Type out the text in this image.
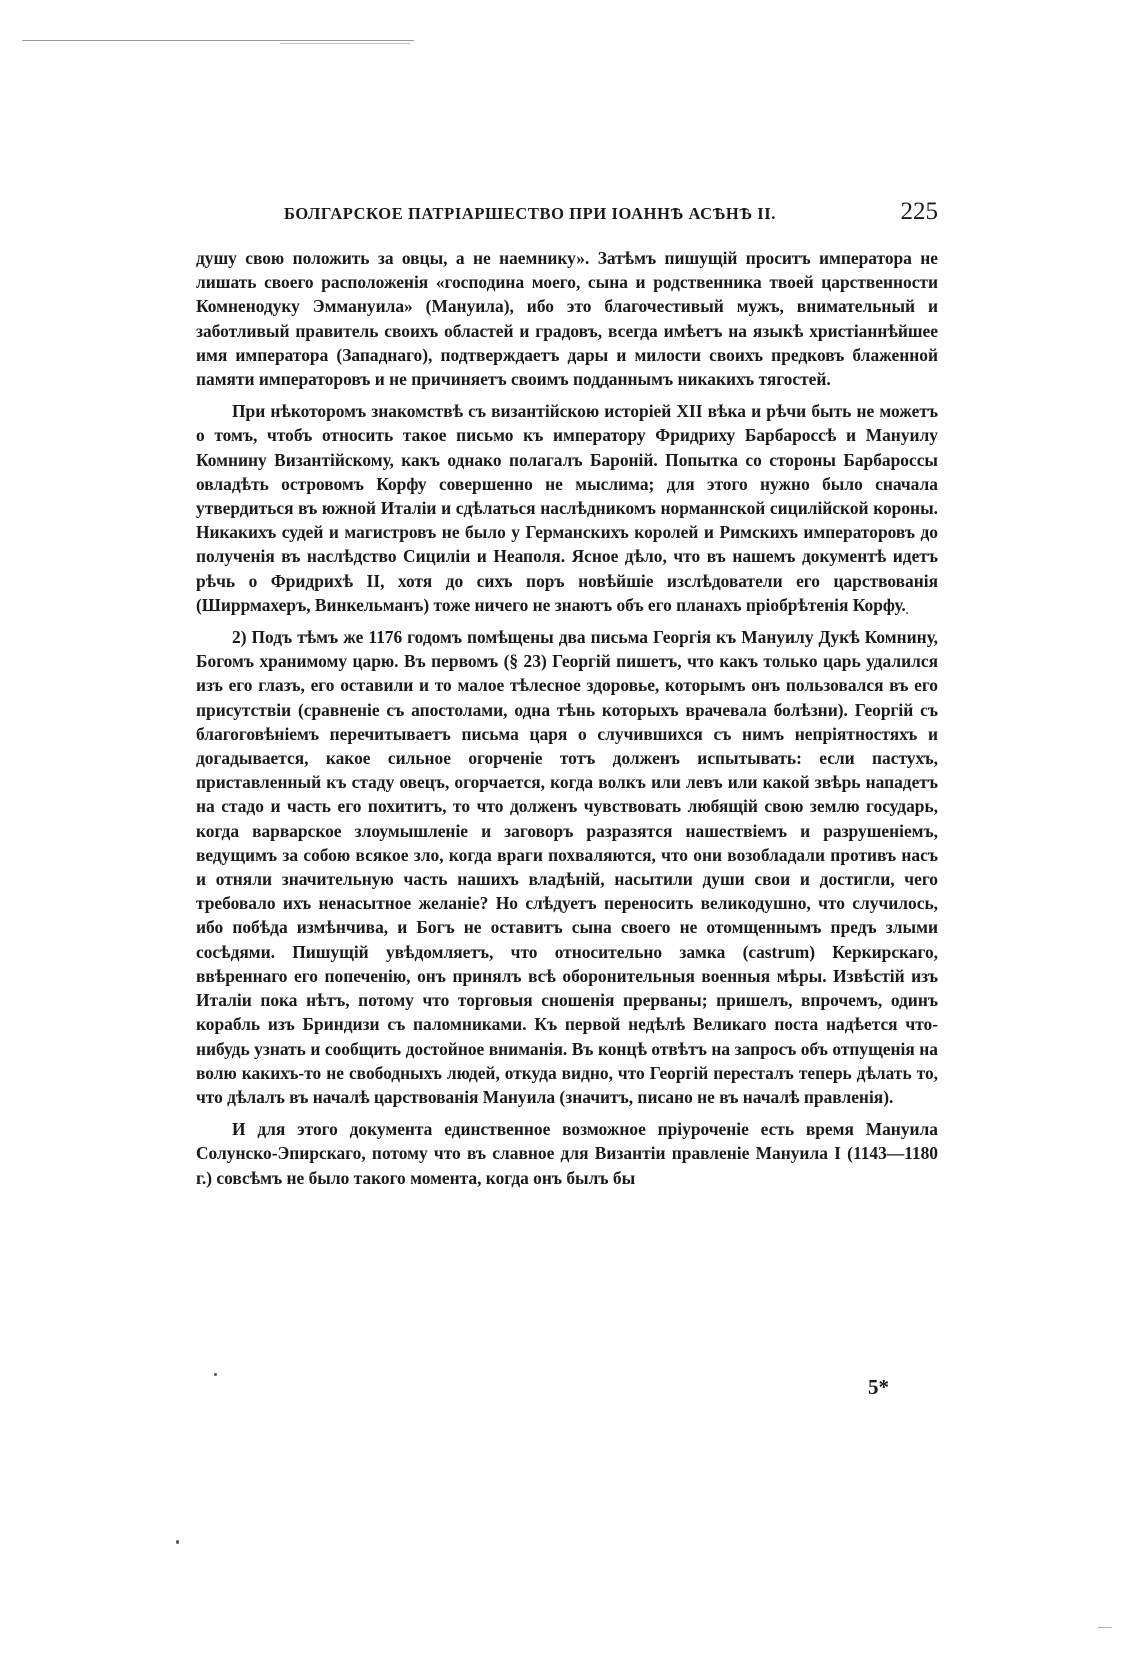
БОЛГАРСКОЕ ПАТРІАРШЕСТВО ПРИ ІОАННѢ АСѢНѢ II.	225

душу свою положить за овцы, а не наемнику». Затѣмъ пишущій проситъ императора не лишать своего расположенія «господина моего, сына и родственника твоей царственности Комненодуку Эммануила» (Мануила), ибо это благочестивый мужъ, внимательный и заботливый правитель своихъ областей и градовъ, всегда имѣетъ на языкѣ христіаннѣйшее имя императора (Западнаго), подтверждаетъ дары и милости своихъ предковъ блаженной памяти императоровъ и не причиняетъ своимъ подданнымъ никакихъ тягостей.

При нѣкоторомъ знакомствѣ съ византійскою исторіей XII вѣка и рѣчи быть не можетъ о томъ, чтобъ относить такое письмо къ императору Фридриху Барбароссѣ и Мануилу Комнину Византійскому, какъ однако полагалъ Бароній. Попытка со стороны Барбароссы овладѣть островомъ Корфу совершенно не мыслима; для этого нужно было сначала утвердиться въ южной Италіи и сдѣлаться наслѣдникомъ норманнской сицилійской короны. Никакихъ судей и магистровъ не было у Германскихъ королей и Римскихъ императоровъ до полученія въ наслѣдство Сициліи и Неаполя. Ясное дѣло, что въ нашемъ документѣ идетъ рѣчь о Фридрихѣ II, хотя до сихъ поръ новѣйшіе изслѣдователи его царствованія (Ширрмахеръ, Винкельманъ) тоже ничего не знаютъ объ его планахъ пріобрѣтенія Корфу.

2) Подъ тѣмъ же 1176 годомъ помѣщены два письма Георгія къ Мануилу Дукѣ Комнину, Богомъ хранимому царю. Въ первомъ (§ 23) Георгій пишетъ, что какъ только царь удалился изъ его глазъ, его оставили и то малое тѣлесное здоровье, которымъ онъ пользовался въ его присутствіи (сравненіе съ апостолами, одна тѣнь которыхъ врачевала болѣзни). Георгій съ благоговѣніемъ перечитываетъ письма царя о случившихся съ нимъ непріятностяхъ и догадывается, какое сильное огорченіе тотъ долженъ испытывать: если пастухъ, приставленный къ стаду овецъ, огорчается, когда волкъ или левъ или какой звѣрь нападетъ на стадо и часть его похититъ, то что долженъ чувствовать любящій свою землю государь, когда варварское злоумышленіе и заговоръ разразятся нашествіемъ и разрушеніемъ, ведущимъ за собою всякое зло, когда враги похваляются, что они возобладали противъ насъ и отняли значительную часть нашихъ владѣній, насытили души свои и достигли, чего требовало ихъ ненасытное желаніе? Но слѣдуетъ переносить великодушно, что случилось, ибо побѣда измѣнчива, и Богъ не оставитъ сына своего не отомщеннымъ предъ злыми сосѣдями. Пишущій увѣдомляетъ, что относительно замка (castrum) Керкирскаго, ввѣреннаго его попеченію, онъ принялъ всѣ оборонительныя военныя мѣры. Извѣстій изъ Италіи пока нѣтъ, потому что торговыя сношенія прерваны; пришелъ, впрочемъ, одинъ корабль изъ Бриндизи съ паломниками. Къ первой недѣлѣ Великаго поста надѣется что-нибудь узнать и сообщить достойное вниманія. Въ концѣ отвѣтъ на запросъ объ отпущенія на волю какихъ-то не свободныхъ людей, откуда видно, что Георгій пересталъ теперь дѣлать то, что дѣлалъ въ началѣ царствованія Мануила (значитъ, писано не въ началѣ правленія).

И для этого документа единственное возможное пріуроченіе есть время Мануила Солунско-Эпирскаго, потому что въ славное для Византіи правленіе Мануила I (1143—1180 г.) совсѣмъ не было такого момента, когда онъ былъ бы

5*
